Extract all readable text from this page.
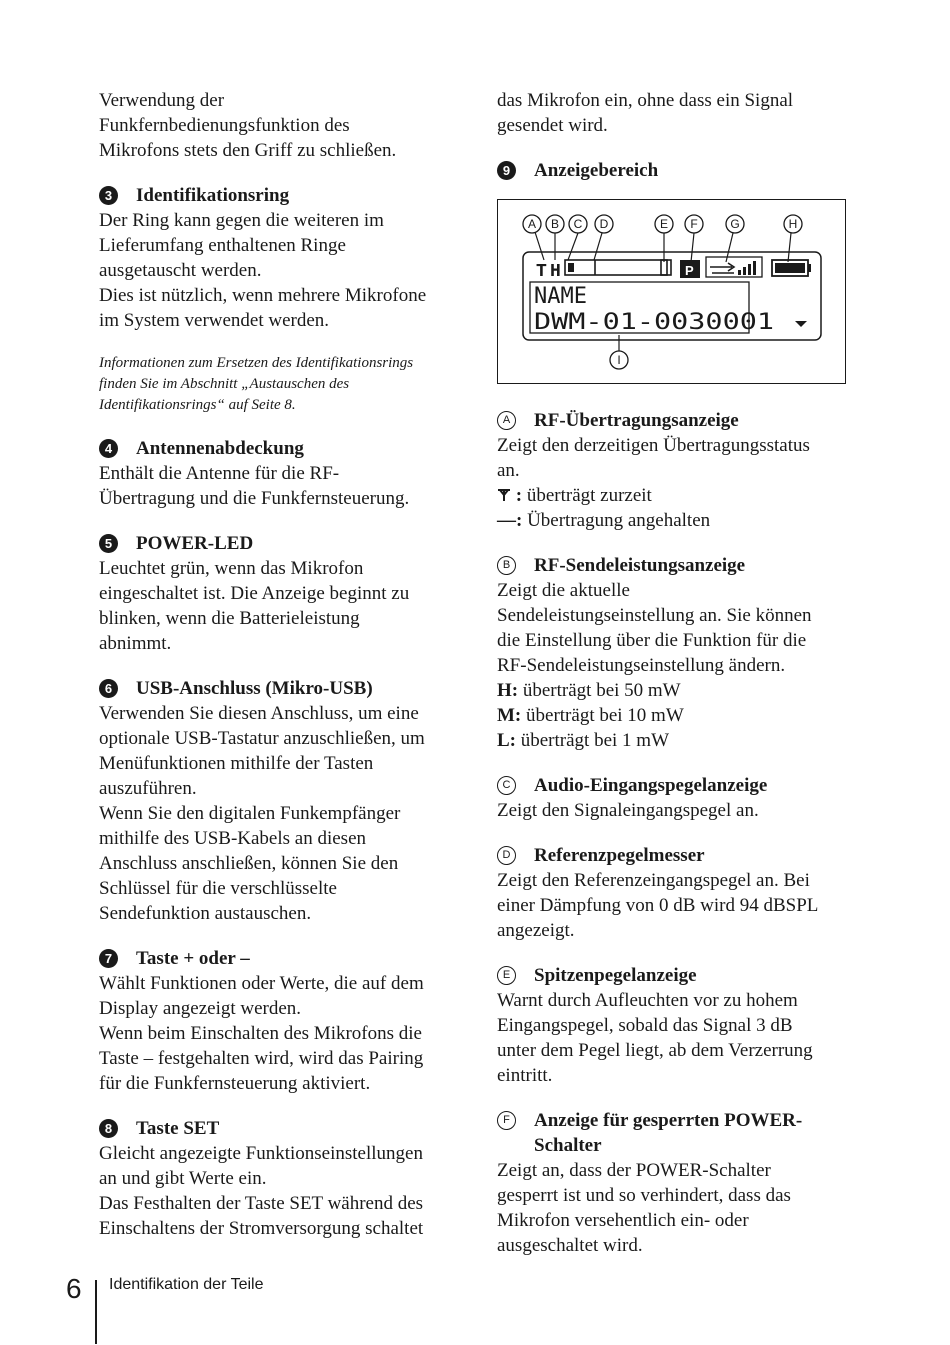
Verwendung der
Funkfernbedienungsfunktion des
Mikrofons stets den Griff zu schließen.
3	Identifikationsring
Der Ring kann gegen die weiteren im
Lieferumfang enthaltenen Ringe
ausgetauscht werden.
Dies ist nützlich, wenn mehrere Mikrofone
im System verwendet werden.
Informationen zum Ersetzen des Identifikationsrings
finden Sie im Abschnitt „Austauschen des
Identifikationsrings“ auf Seite 8.
4	Antennenabdeckung
Enthält die Antenne für die RF-
Übertragung und die Funkfernsteuerung.
5	POWER-LED
Leuchtet grün, wenn das Mikrofon
eingeschaltet ist. Die Anzeige beginnt zu
blinken, wenn die Batterieleistung
abnimmt.
6	USB-Anschluss (Mikro-USB)
Verwenden Sie diesen Anschluss, um eine
optionale USB-Tastatur anzuschließen, um
Menüfunktionen mithilfe der Tasten
auszuführen.
Wenn Sie den digitalen Funkempfänger
mithilfe des USB-Kabels an diesen
Anschluss anschließen, können Sie den
Schlüssel für die verschlüsselte
Sendefunktion austauschen.
7	Taste + oder –
Wählt Funktionen oder Werte, die auf dem
Display angezeigt werden.
Wenn beim Einschalten des Mikrofons die
Taste – festgehalten wird, wird das Pairing
für die Funkfernsteuerung aktiviert.
8	Taste SET
Gleicht angezeigte Funktionseinstellungen
an und gibt Werte ein.
Das Festhalten der Taste SET während des
Einschaltens der Stromversorgung schaltet
das Mikrofon ein, ohne dass ein Signal
gesendet wird.
9	Anzeigebereich
A B C D	E F	G	H
I
T H	P
NAME
DWM-01-0030001
A	RF-Übertragungsanzeige
Zeigt den derzeitigen Übertragungsstatus
an.
: überträgt zurzeit
—: Übertragung angehalten
B	RF-Sendeleistungsanzeige
Zeigt die aktuelle
Sendeleistungseinstellung an. Sie können
die Einstellung über die Funktion für die
RF-Sendeleistungseinstellung ändern.
H: überträgt bei 50 mW
M: überträgt bei 10 mW
L: überträgt bei 1 mW
C Audio-Eingangspegelanzeige
Zeigt den Signaleingangspegel an.
D Referenzpegelmesser
Zeigt den Referenzeingangspegel an. Bei
einer Dämpfung von 0 dB wird 94 dBSPL
angezeigt.
E	Spitzenpegelanzeige
Warnt durch Aufleuchten vor zu hohem
Eingangspegel, sobald das Signal 3 dB
unter dem Pegel liegt, ab dem Verzerrung
eintritt.
F	Anzeige für gesperrten POWER-
Schalter
Zeigt an, dass der POWER-Schalter
gesperrt ist und so verhindert, dass das
Mikrofon versehentlich ein- oder
ausgeschaltet wird.
6 Identifikation der Teile
